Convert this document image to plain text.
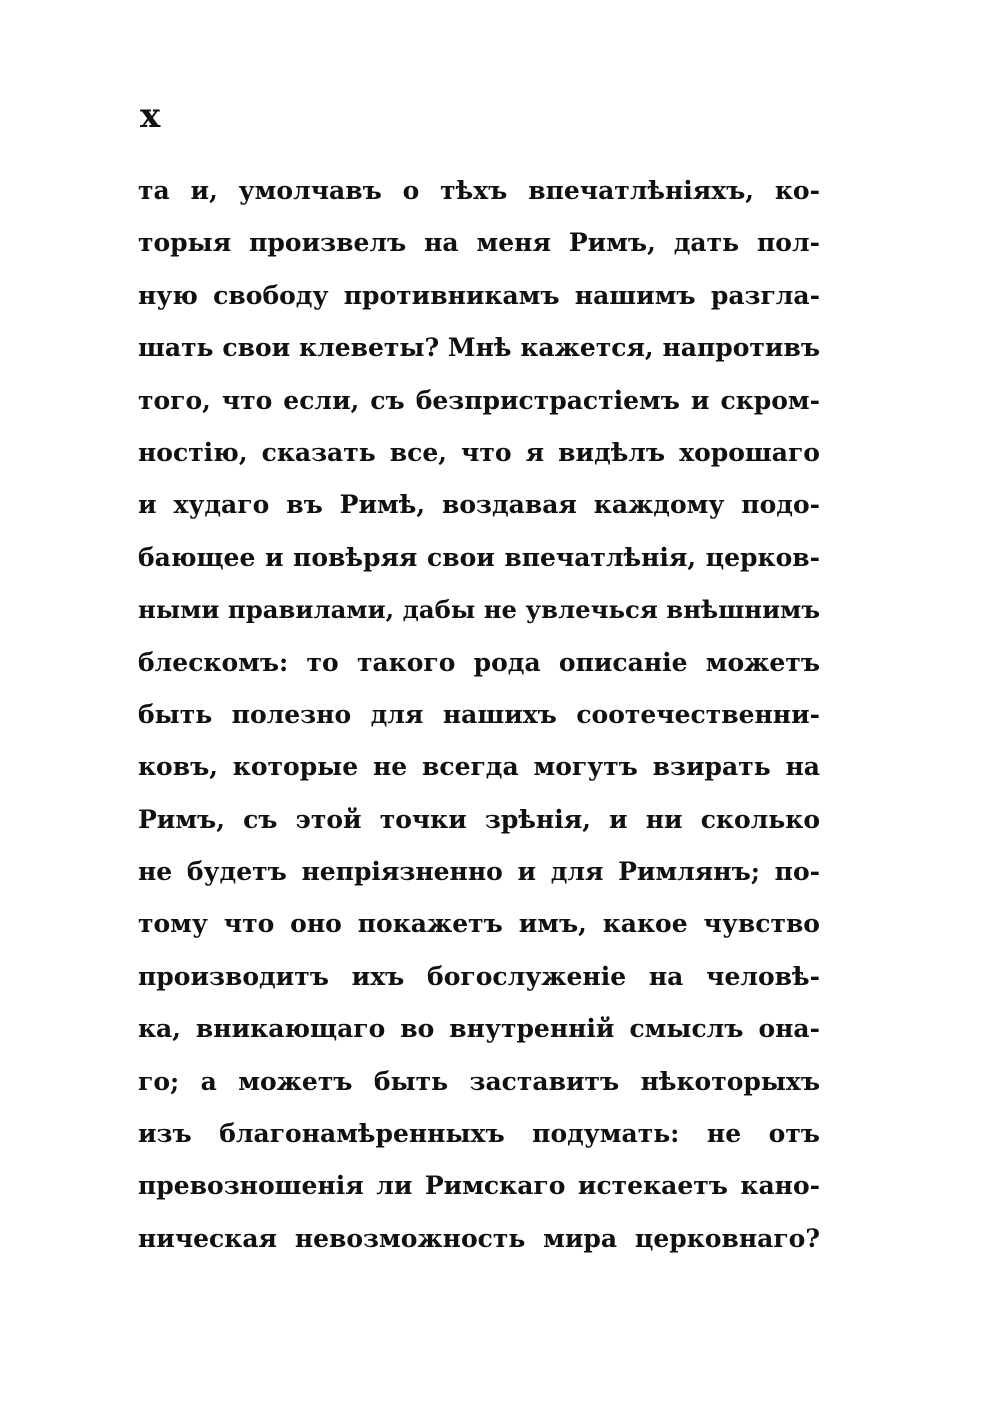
x
та и, умолчавъ о тѣхъ впечатлѣніяхъ, ко-
торыя произвелъ на меня Римъ, дать пол-
ную свободу противникамъ нашимъ разгла-
шать свои клеветы? Мнѣ кажется, напротивъ
того, что если, съ безпристрастіемъ и скром-
ностію, сказать все, что я видѣлъ хорошаго
и худаго въ Римѣ, воздавая каждому подо-
бающее и повѣряя свои впечатлѣнія, церков-
ными правилами, дабы не увлечься внѣшнимъ
блескомъ: то такого рода описаніе можетъ
быть полезно для нашихъ соотечественни-
ковъ, которые не всегда могутъ взирать на
Римъ, съ этой точки зрѣнія, и ни сколько
не будетъ непріязненно и для Римлянъ; по-
тому что оно покажетъ имъ, какое чувство
производитъ ихъ богослуженіе на человѣ-
ка, вникающаго во внутренній смыслъ она-
го; а можетъ быть заставитъ нѣкоторыхъ
изъ благонамѣренныхъ подумать: не отъ
превозношенія ли Римскаго истекаетъ кано-
ническая невозможность мира церковнаго?
